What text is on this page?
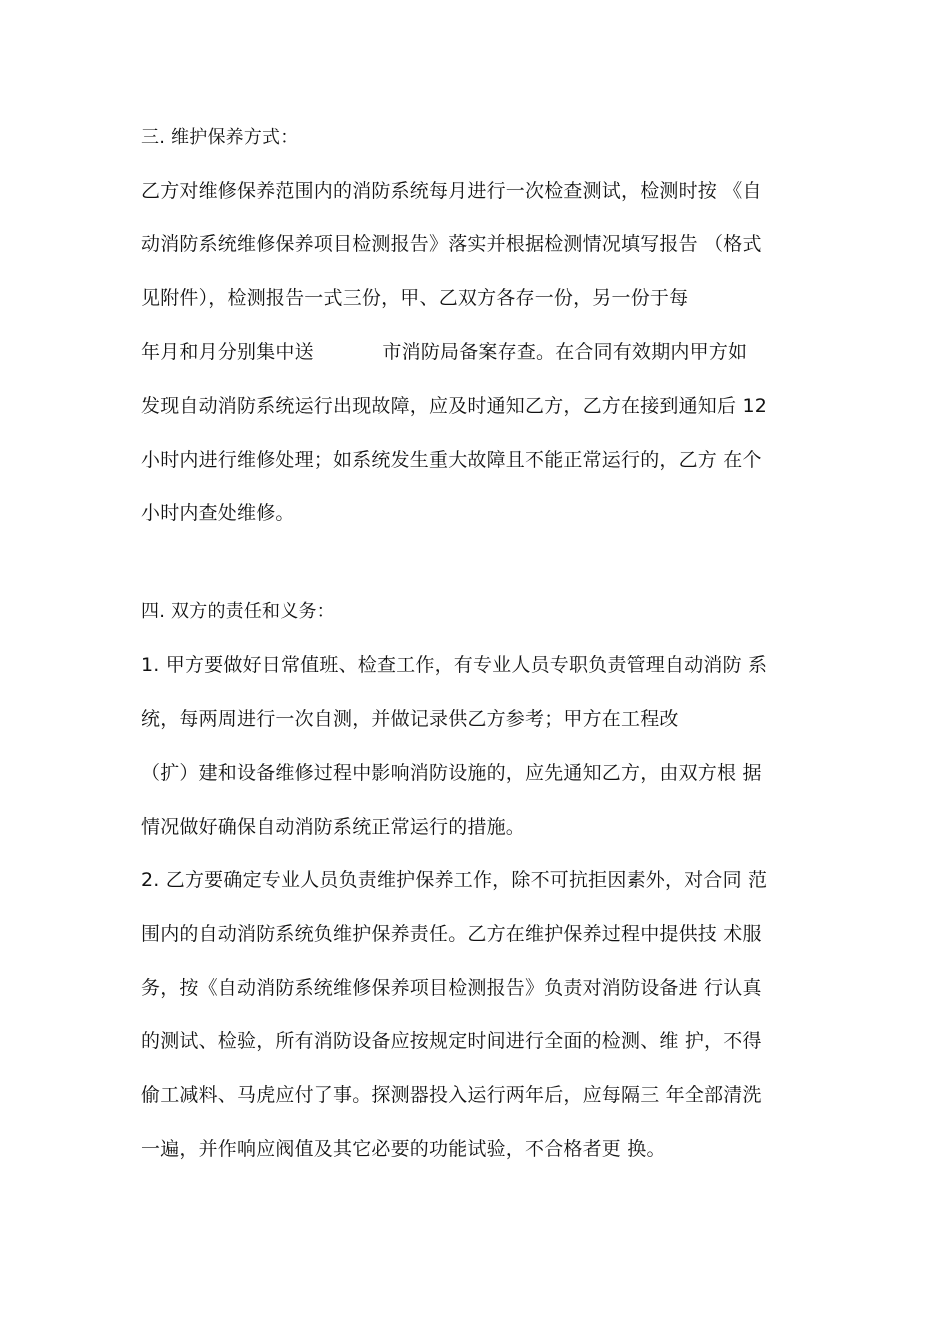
三. 维护保养方式：
乙方对维修保养范围内的消防系统每月进行一次检查测试，检测时按 《自
动消防系统维修保养项目检测报告》落实并根据检测情况填写报告 （格式
见附件），检测报告一式三份，甲、乙双方各存一份，另一份于每
年月和月分别集中送           市消防局备案存查。在合同有效期内甲方如
发现自动消防系统运行出现故障，应及时通知乙方，乙方在接到通知后 12
小时内进行维修处理；如系统发生重大故障且不能正常运行的，乙方 在个
小时内查处维修。
四. 双方的责任和义务：
1. 甲方要做好日常值班、检查工作，有专业人员专职负责管理自动消防 系
统，每两周进行一次自测，并做记录供乙方参考；甲方在工程改
（扩）建和设备维修过程中影响消防设施的，应先通知乙方，由双方根 据
情况做好确保自动消防系统正常运行的措施。
2. 乙方要确定专业人员负责维护保养工作，除不可抗拒因素外，对合同 范
围内的自动消防系统负维护保养责任。乙方在维护保养过程中提供技 术服
务，按《自动消防系统维修保养项目检测报告》负责对消防设备进 行认真
的测试、检验，所有消防设备应按规定时间进行全面的检测、维 护，不得
偷工减料、马虎应付了事。探测器投入运行两年后，应每隔三 年全部清洗
一遍，并作响应阀值及其它必要的功能试验，不合格者更 换。
